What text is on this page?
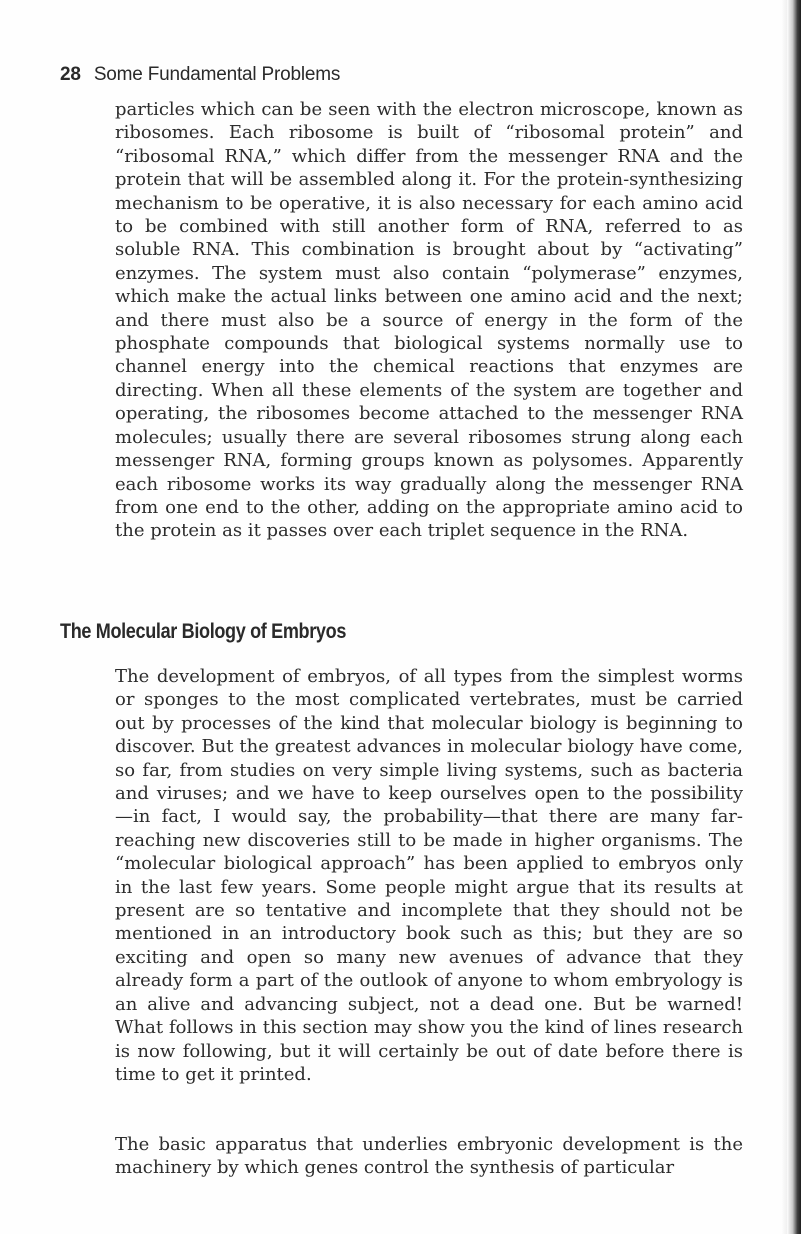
28 Some Fundamental Problems

particles which can be seen with the electron microscope, known as ribosomes. Each ribosome is built of “ribosomal protein” and “ribosomal RNA,” which differ from the messenger RNA and the protein that will be assembled along it. For the protein-synthesizing mechanism to be operative, it is also necessary for each amino acid to be combined with still another form of RNA, referred to as soluble RNA. This combination is brought about by “activating” enzymes. The system must also contain “polymerase” enzymes, which make the actual links between one amino acid and the next; and there must also be a source of energy in the form of the phosphate compounds that biological systems normally use to channel energy into the chemical reactions that enzymes are directing. When all these elements of the system are together and operating, the ribosomes become attached to the messenger RNA molecules; usually there are several ribosomes strung along each messenger RNA, forming groups known as polysomes. Apparently each ribosome works its way gradually along the messenger RNA from one end to the other, adding on the appropriate amino acid to the protein as it passes over each triplet sequence in the RNA.

The Molecular Biology of Embryos

The development of embryos, of all types from the simplest worms or sponges to the most complicated vertebrates, must be carried out by processes of the kind that molecular biology is beginning to discover. But the greatest advances in molecular biology have come, so far, from studies on very simple living systems, such as bacteria and viruses; and we have to keep ourselves open to the possibility —in fact, I would say, the probability—that there are many far-reaching new discoveries still to be made in higher organisms. The “molecular biological approach” has been applied to embryos only in the last few years. Some people might argue that its results at present are so tentative and incomplete that they should not be mentioned in an introductory book such as this; but they are so exciting and open so many new avenues of advance that they already form a part of the outlook of anyone to whom embryology is an alive and advancing subject, not a dead one. But be warned! What follows in this section may show you the kind of lines research is now following, but it will certainly be out of date before there is time to get it printed.

The basic apparatus that underlies embryonic development is the machinery by which genes control the synthesis of particular
